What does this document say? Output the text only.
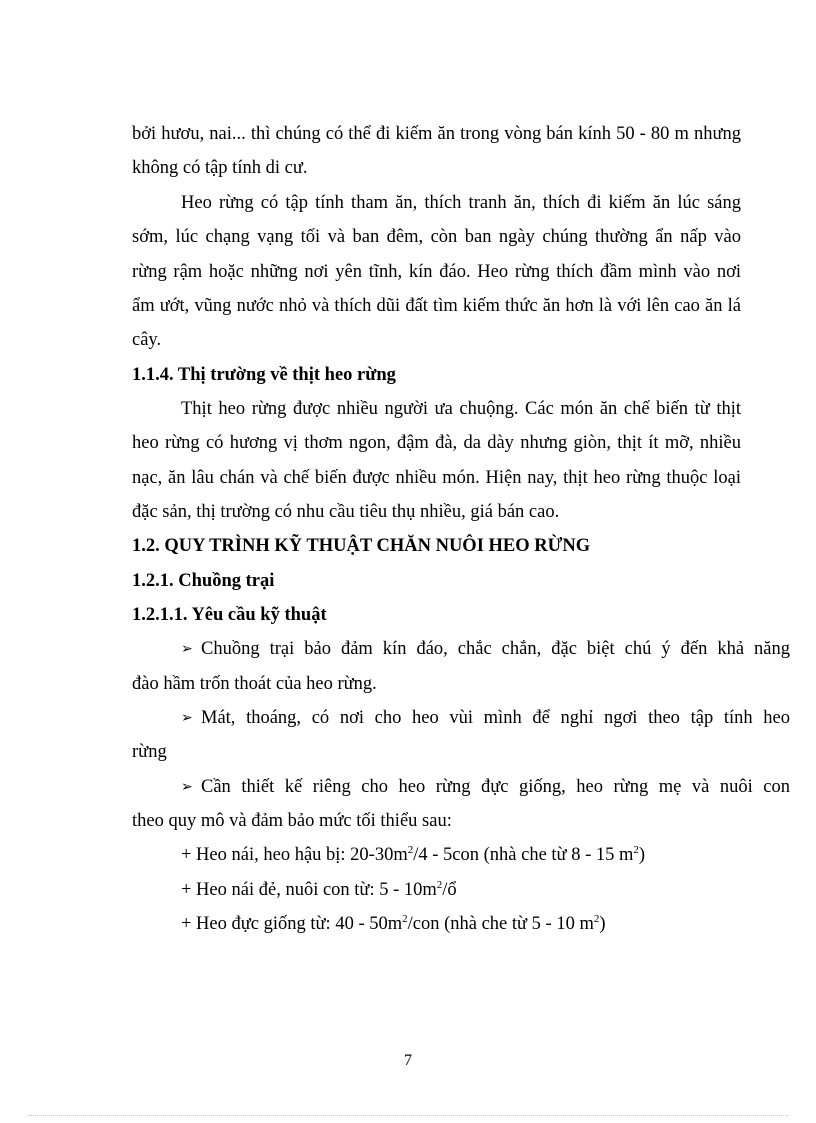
bởi hươu, nai... thì chúng có thể đi kiếm ăn trong vòng bán kính 50 - 80 m nhưng
không có tập tính di cư.
Heo rừng có tập tính tham ăn, thích tranh ăn, thích đi kiếm ăn lúc sáng
sớm, lúc chạng vạng tối và ban đêm, còn ban ngày chúng thường ẩn nấp vào
rừng rậm hoặc những nơi yên tĩnh, kín đáo. Heo rừng thích đầm mình vào nơi
ẩm ướt, vũng nước nhỏ và thích dũi đất tìm kiếm thức ăn hơn là với lên cao ăn lá
cây.
1.1.4. Thị trường về thịt heo rừng
Thịt heo rừng được nhiều người ưa chuộng. Các món ăn chế biến từ thịt
heo rừng có hương vị thơm ngon, đậm đà, da dày nhưng giòn, thịt ít mỡ, nhiều
nạc, ăn lâu chán và chế biến được nhiều món. Hiện nay, thịt heo rừng thuộc loại
đặc sản, thị trường có nhu cầu tiêu thụ nhiều, giá bán cao.
1.2. QUY TRÌNH KỸ THUẬT CHĂN NUÔI HEO RỪNG
1.2.1. Chuồng trại
1.2.1.1. Yêu cầu kỹ thuật
➢ Chuồng trại bảo đảm kín đáo, chắc chắn, đặc biệt chú ý đến khả năng
đào hầm trốn thoát của heo rừng.
➢ Mát, thoáng, có nơi cho heo vùi mình để nghỉ ngơi theo tập tính heo
rừng
➢ Cần thiết kế riêng cho heo rừng đực giống, heo rừng mẹ và nuôi con
theo quy mô và đảm bảo mức tối thiểu sau:
+ Heo nái, heo hậu bị: $20-30m^2/4 - 5con$ (nhà che từ 8 - 15 $m^2$)
+ Heo nái đẻ, nuôi con từ: $5 - 10m^2/ổ$
+ Heo đực giống từ: $40 - 50m^2$/con (nhà che từ 5 - 10 $m^2$)
7
